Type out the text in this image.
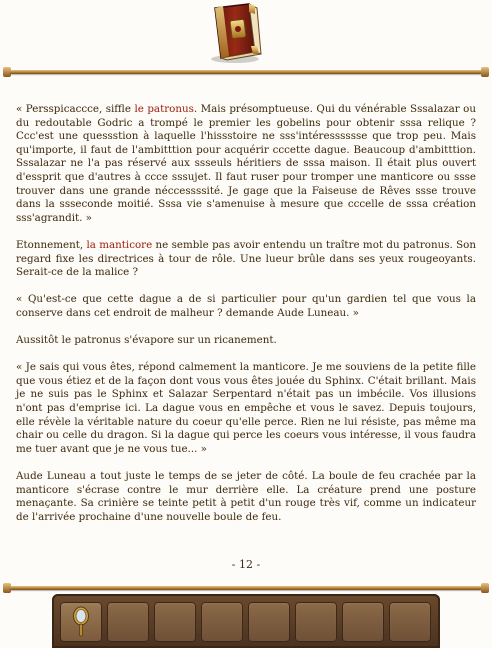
« Persspicaccce, siffle le patronus. Mais présomptueuse. Qui du vénérable Sssalazar ou du redoutable Godric a trompé le premier les gobelins pour obtenir sssa relique ? Ccc'est une quessstion à laquelle l'hissstoire ne sss'intéresssssse que trop peu. Mais qu'importe, il faut de l'ambitttion pour acquérir cccette dague. Beaucoup d'ambitttion. Sssalazar ne l'a pas réservé aux ssseuls héritiers de sssa maison. Il était plus ouvert d'essprit que d'autres à ccce sssujet. Il faut ruser pour tromper une manticore ou ssse trouver dans une grande néccessssité. Je gage que la Faiseuse de Rêves ssse trouve dans la ssseconde moitié. Sssa vie s'amenuise à mesure que cccelle de sssa création sss'agrandit. »

Etonnement, la manticore ne semble pas avoir entendu un traître mot du patronus. Son regard fixe les directrices à tour de rôle. Une lueur brûle dans ses yeux rougeoyants. Serait-ce de la malice ?

« Qu'est-ce que cette dague a de si particulier pour qu'un gardien tel que vous la conserve dans cet endroit de malheur ? demande Aude Luneau. »

Aussitôt le patronus s'évapore sur un ricanement.

« Je sais qui vous êtes, répond calmement la manticore. Je me souviens de la petite fille que vous étiez et de la façon dont vous vous êtes jouée du Sphinx. C'était brillant. Mais je ne suis pas le Sphinx et Salazar Serpentard n'était pas un imbécile. Vos illusions n'ont pas d'emprise ici. La dague vous en empêche et vous le savez. Depuis toujours, elle révèle la véritable nature du coeur qu'elle perce. Rien ne lui résiste, pas même ma chair ou celle du dragon. Si la dague qui perce les coeurs vous intéresse, il vous faudra me tuer avant que je ne vous tue... »

Aude Luneau a tout juste le temps de se jeter de côté. La boule de feu crachée par la manticore s'écrase contre le mur derrière elle. La créature prend une posture menaçante. Sa crinière se teinte petit à petit d'un rouge très vif, comme un indicateur de l'arrivée prochaine d'une nouvelle boule de feu.

- 12 -
